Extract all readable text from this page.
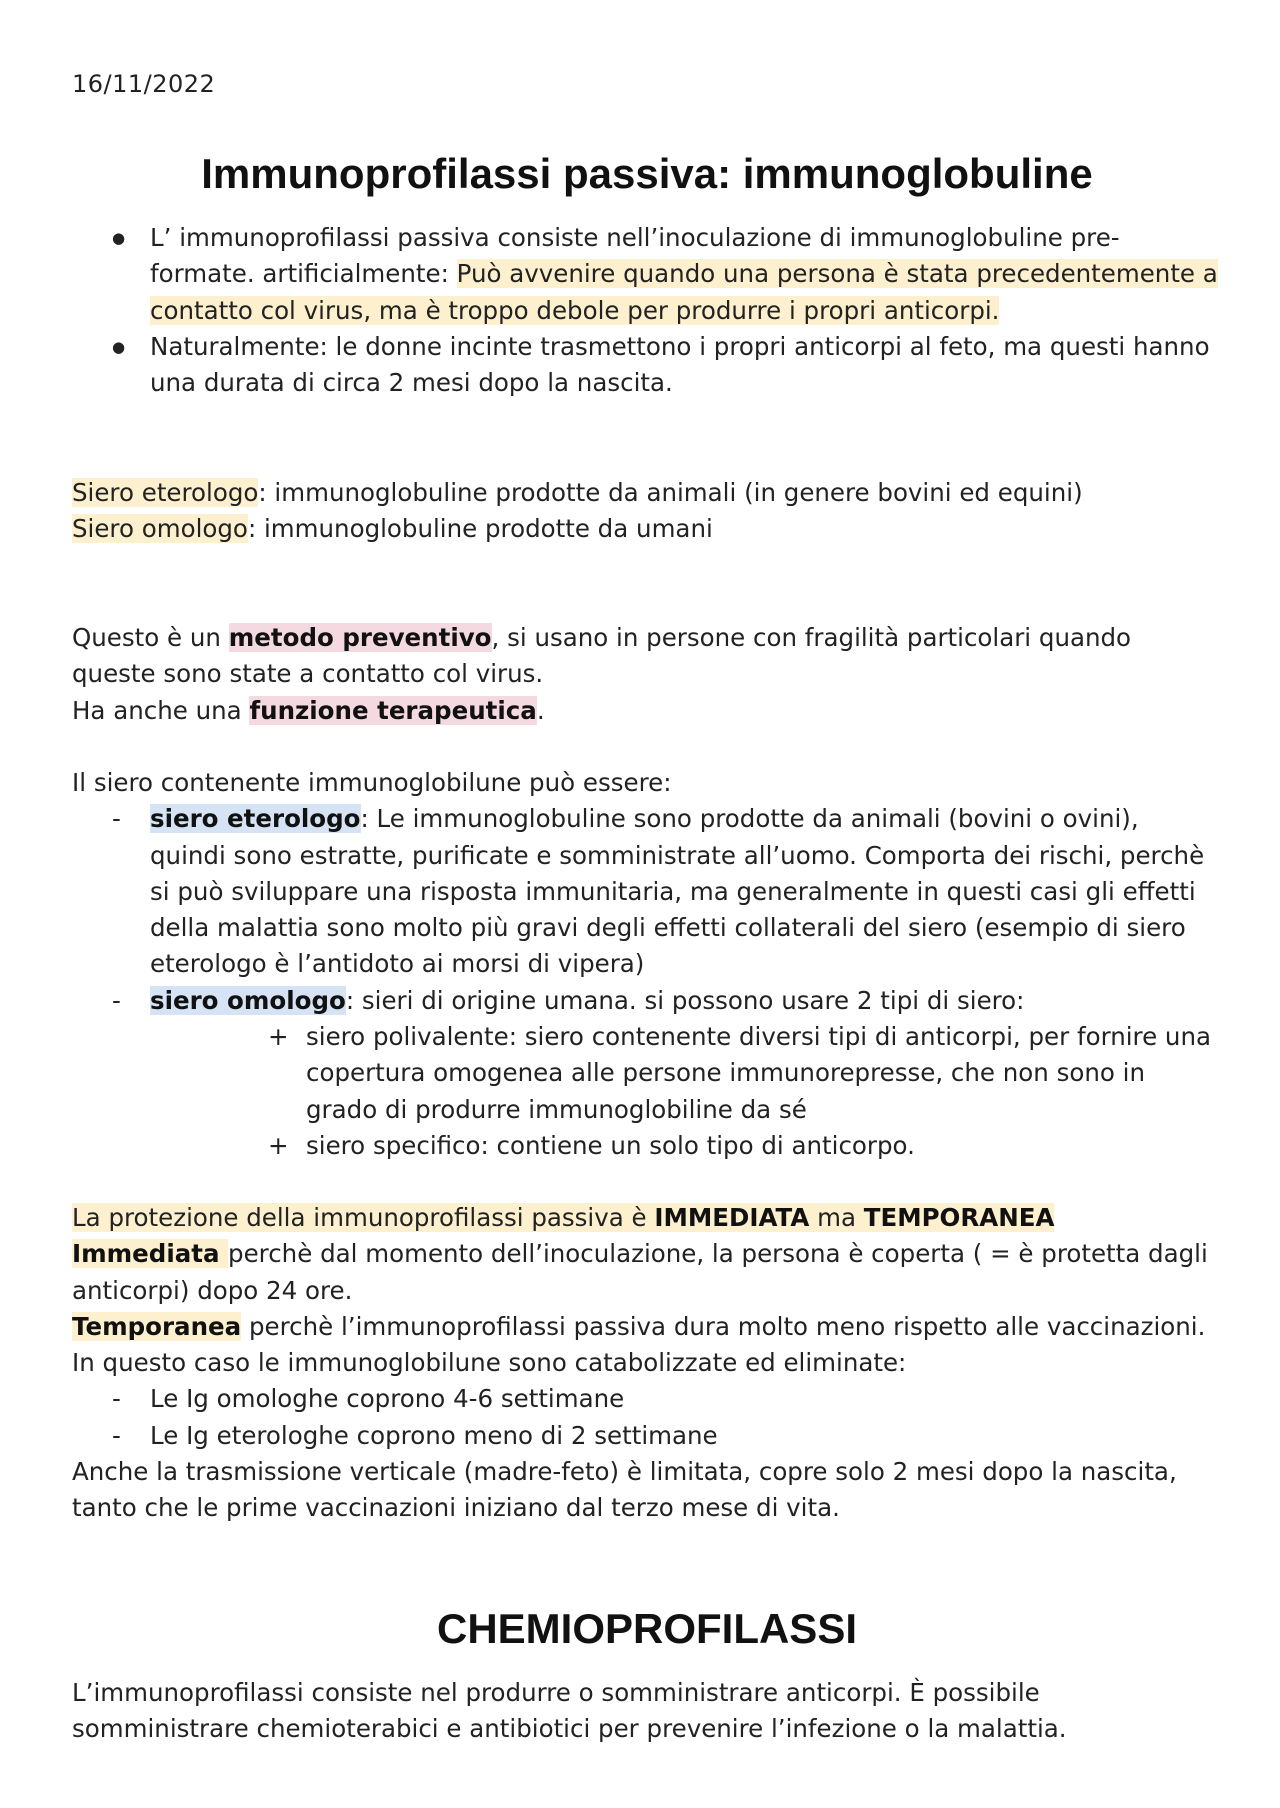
16/11/2022
Immunoprofilassi passiva: immunoglobuline
● L’ immunoprofilassi passiva consiste nell’inoculazione di immunoglobuline pre-formate. artificialmente: Può avvenire quando una persona è stata precedentemente a contatto col virus, ma è troppo debole per produrre i propri anticorpi.
● Naturalmente: le donne incinte trasmettono i propri anticorpi al feto, ma questi hanno una durata di circa 2 mesi dopo la nascita.
Siero eterologo: immunoglobuline prodotte da animali (in genere bovini ed equini)
Siero omologo: immunoglobuline prodotte da umani
Questo è un metodo preventivo, si usano in persone con fragilità particolari quando queste sono state a contatto col virus.
Ha anche una funzione terapeutica.
Il siero contenente immunoglobilune può essere:
- siero eterologo: Le immunoglobuline sono prodotte da animali (bovini o ovini), quindi sono estratte, purificate e somministrate all’uomo. Comporta dei rischi, perchè si può sviluppare una risposta immunitaria, ma generalmente in questi casi gli effetti della malattia sono molto più gravi degli effetti collaterali del siero (esempio di siero eterologo è l’antidoto ai morsi di vipera)
- siero omologo: sieri di origine umana. si possono usare 2 tipi di siero:
+ siero polivalente: siero contenente diversi tipi di anticorpi, per fornire una copertura omogenea alle persone immunorepresse, che non sono in grado di produrre immunoglobiline da sé
+ siero specifico: contiene un solo tipo di anticorpo.
La protezione della immunoprofilassi passiva è IMMEDIATA ma TEMPORANEA
Immediata perchè dal momento dell’inoculazione, la persona è coperta ( = è protetta dagli anticorpi) dopo 24 ore.
Temporanea perchè l’immunoprofilassi passiva dura molto meno rispetto alle vaccinazioni. In questo caso le immunoglobilune sono catabolizzate ed eliminate:
- Le Ig omologhe coprono 4-6 settimane
- Le Ig eterologhe coprono meno di 2 settimane
Anche la trasmissione verticale (madre-feto) è limitata, copre solo 2 mesi dopo la nascita, tanto che le prime vaccinazioni iniziano dal terzo mese di vita.
CHEMIOPROFILASSI
L’immunoprofilassi consiste nel produrre o somministrare anticorpi. È possibile somministrare chemioterabici e antibiotici per prevenire l’infezione o la malattia.
